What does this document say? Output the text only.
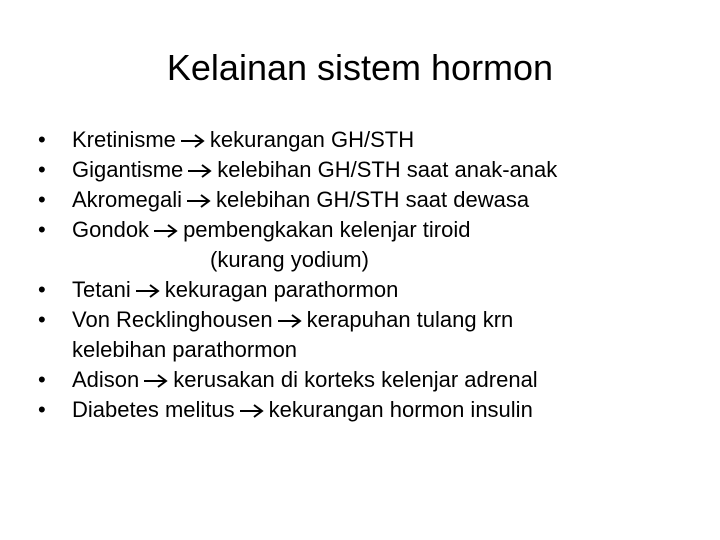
Kelainan sistem hormon
•	Kretinisme kekurangan GH/STH
•	Gigantisme kelebihan GH/STH saat anak-anak
•	Akromegali kelebihan GH/STH saat dewasa
•	Gondok pembengkakan kelenjar tiroid
(kurang yodium)
•	Tetani kekuragan parathormon
•	Von Recklinghousen kerapuhan tulang krn
kelebihan parathormon
•	Adison kerusakan di korteks kelenjar adrenal
•	Diabetes melitus kekurangan hormon insulin
